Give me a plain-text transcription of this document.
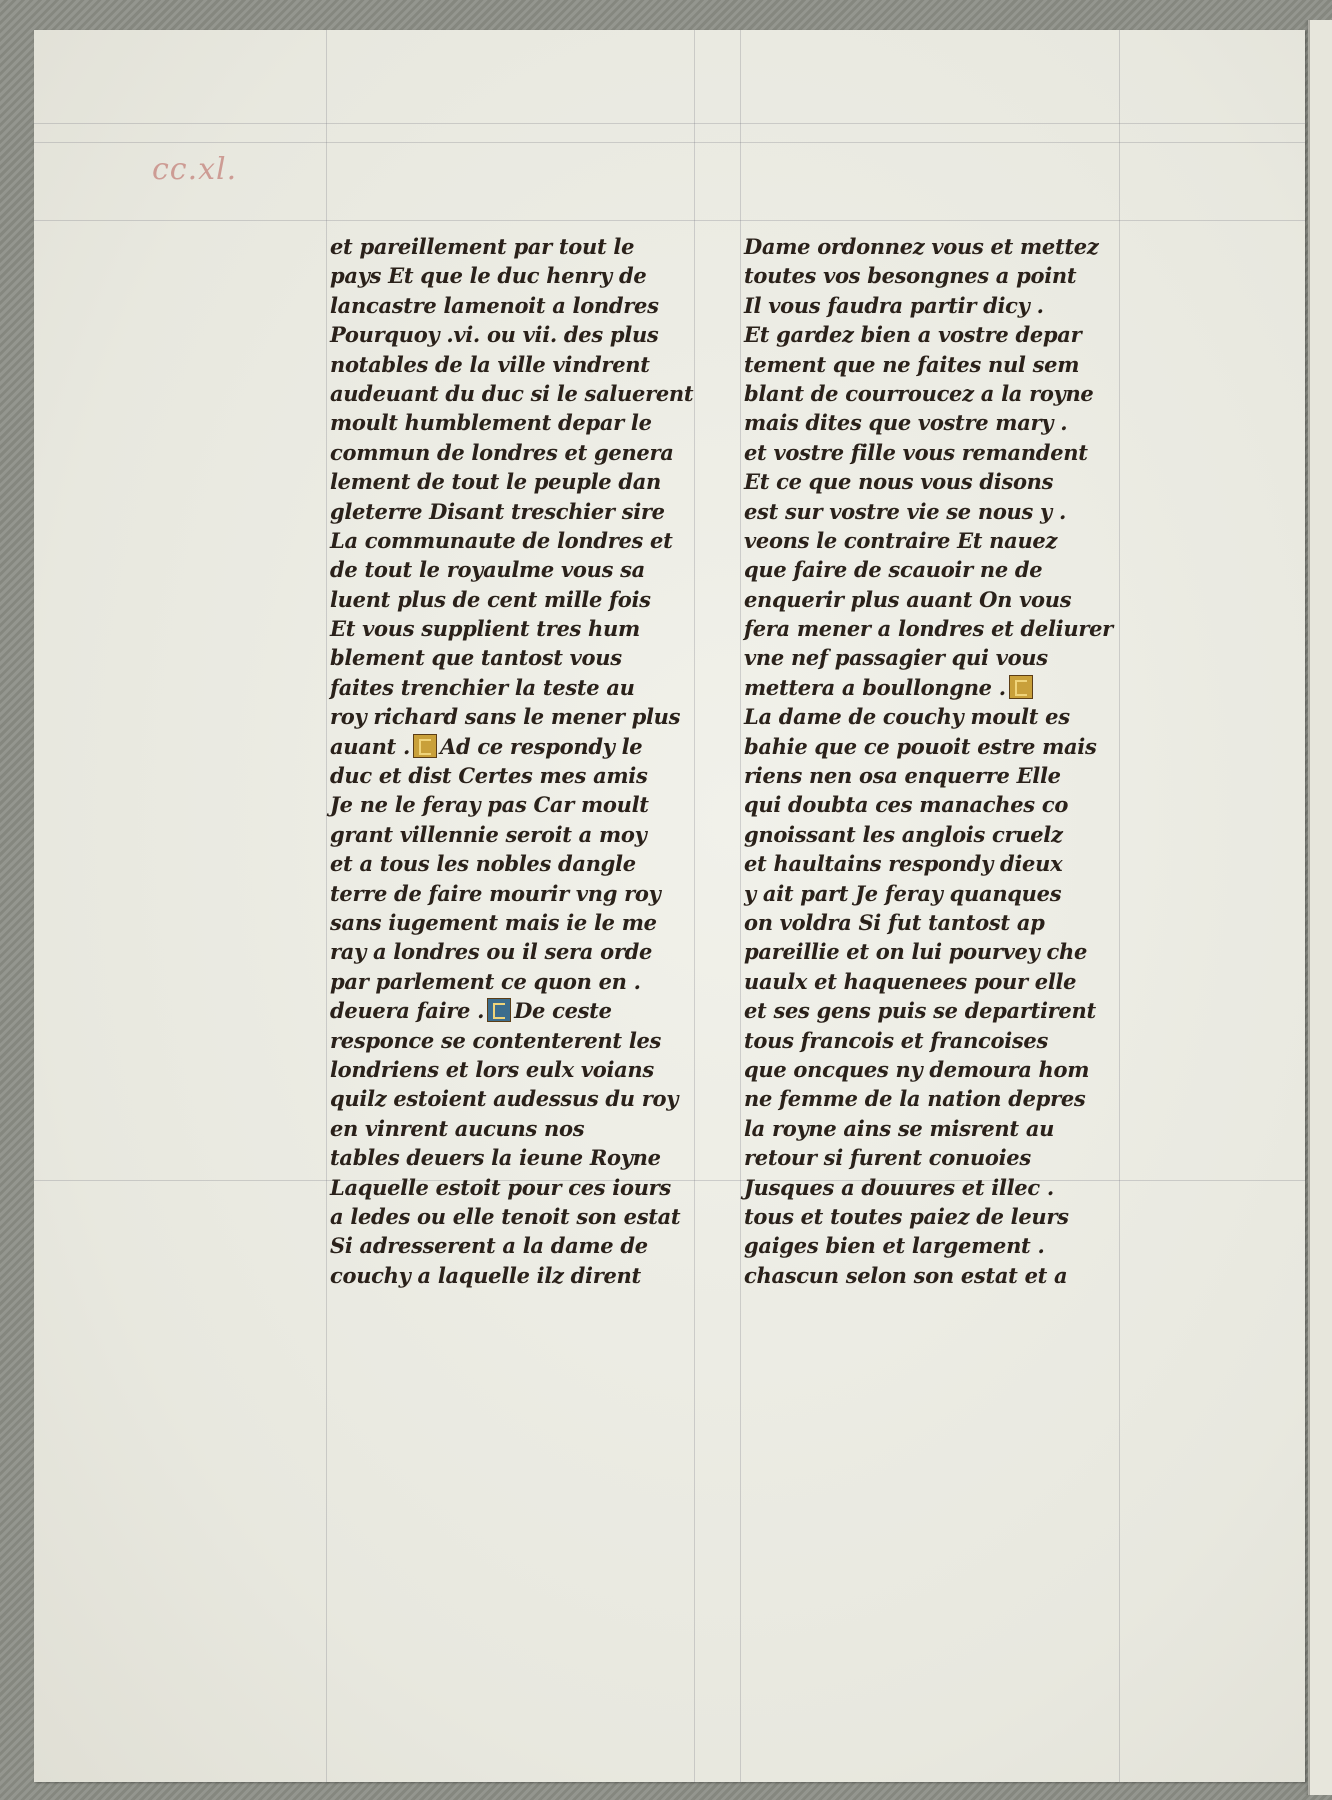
cc.xl.
et pareillement par tout le
pays Et que le duc henry de
lancastre lamenoit a londres
Pourquoy .vi. ou vii. des plus
notables de la ville vindrent
audeuant du duc si le saluerent
moult humblement depar le
commun de londres et genera
lement de tout le peuple dan
gleterre Disant treschier sire
La communaute de londres et
de tout le royaulme vous sa
luent plus de cent mille fois
Et vous supplient tres hum
blement que tantost vous
faites trenchier la teste au
roy richard sans le mener plus
auant . Ad ce respondy le
duc et dist Certes mes amis
Je ne le feray pas Car moult
grant villennie seroit a moy
et a tous les nobles dangle
terre de faire mourir vng roy
sans iugement mais ie le me
ray a londres ou il sera orde
par parlement ce quon en .
deuera faire . De ceste
responce se contenterent les
londriens et lors eulx voians
quilz estoient audessus du roy
en vinrent aucuns nos
tables deuers la ieune Royne
Laquelle estoit pour ces iours
a ledes ou elle tenoit son estat
Si adresserent a la dame de
couchy a laquelle ilz dirent
Dame ordonnez vous et mettez
toutes vos besongnes a point
Il vous faudra partir dicy .
Et gardez bien a vostre depar
tement que ne faites nul sem
blant de courroucez a la royne
mais dites que vostre mary .
et vostre fille vous remandent
Et ce que nous vous disons
est sur vostre vie se nous y .
veons le contraire Et nauez
que faire de scauoir ne de
enquerir plus auant On vous
fera mener a londres et deliurer
vne nef passagier qui vous
mettera a boullongne .
La dame de couchy moult es
bahie que ce pouoit estre mais
riens nen osa enquerre Elle
qui doubta ces manaches co
gnoissant les anglois cruelz
et haultains respondy dieux
y ait part Je feray quanques
on voldra Si fut tantost ap
pareillie et on lui pourvey che
uaulx et haquenees pour elle
et ses gens puis se departirent
tous francois et francoises
que oncques ny demoura hom
ne femme de la nation depres
la royne ains se misrent au
retour si furent conuoies
Jusques a douures et illec .
tous et toutes paiez de leurs
gaiges bien et largement .
chascun selon son estat et a
